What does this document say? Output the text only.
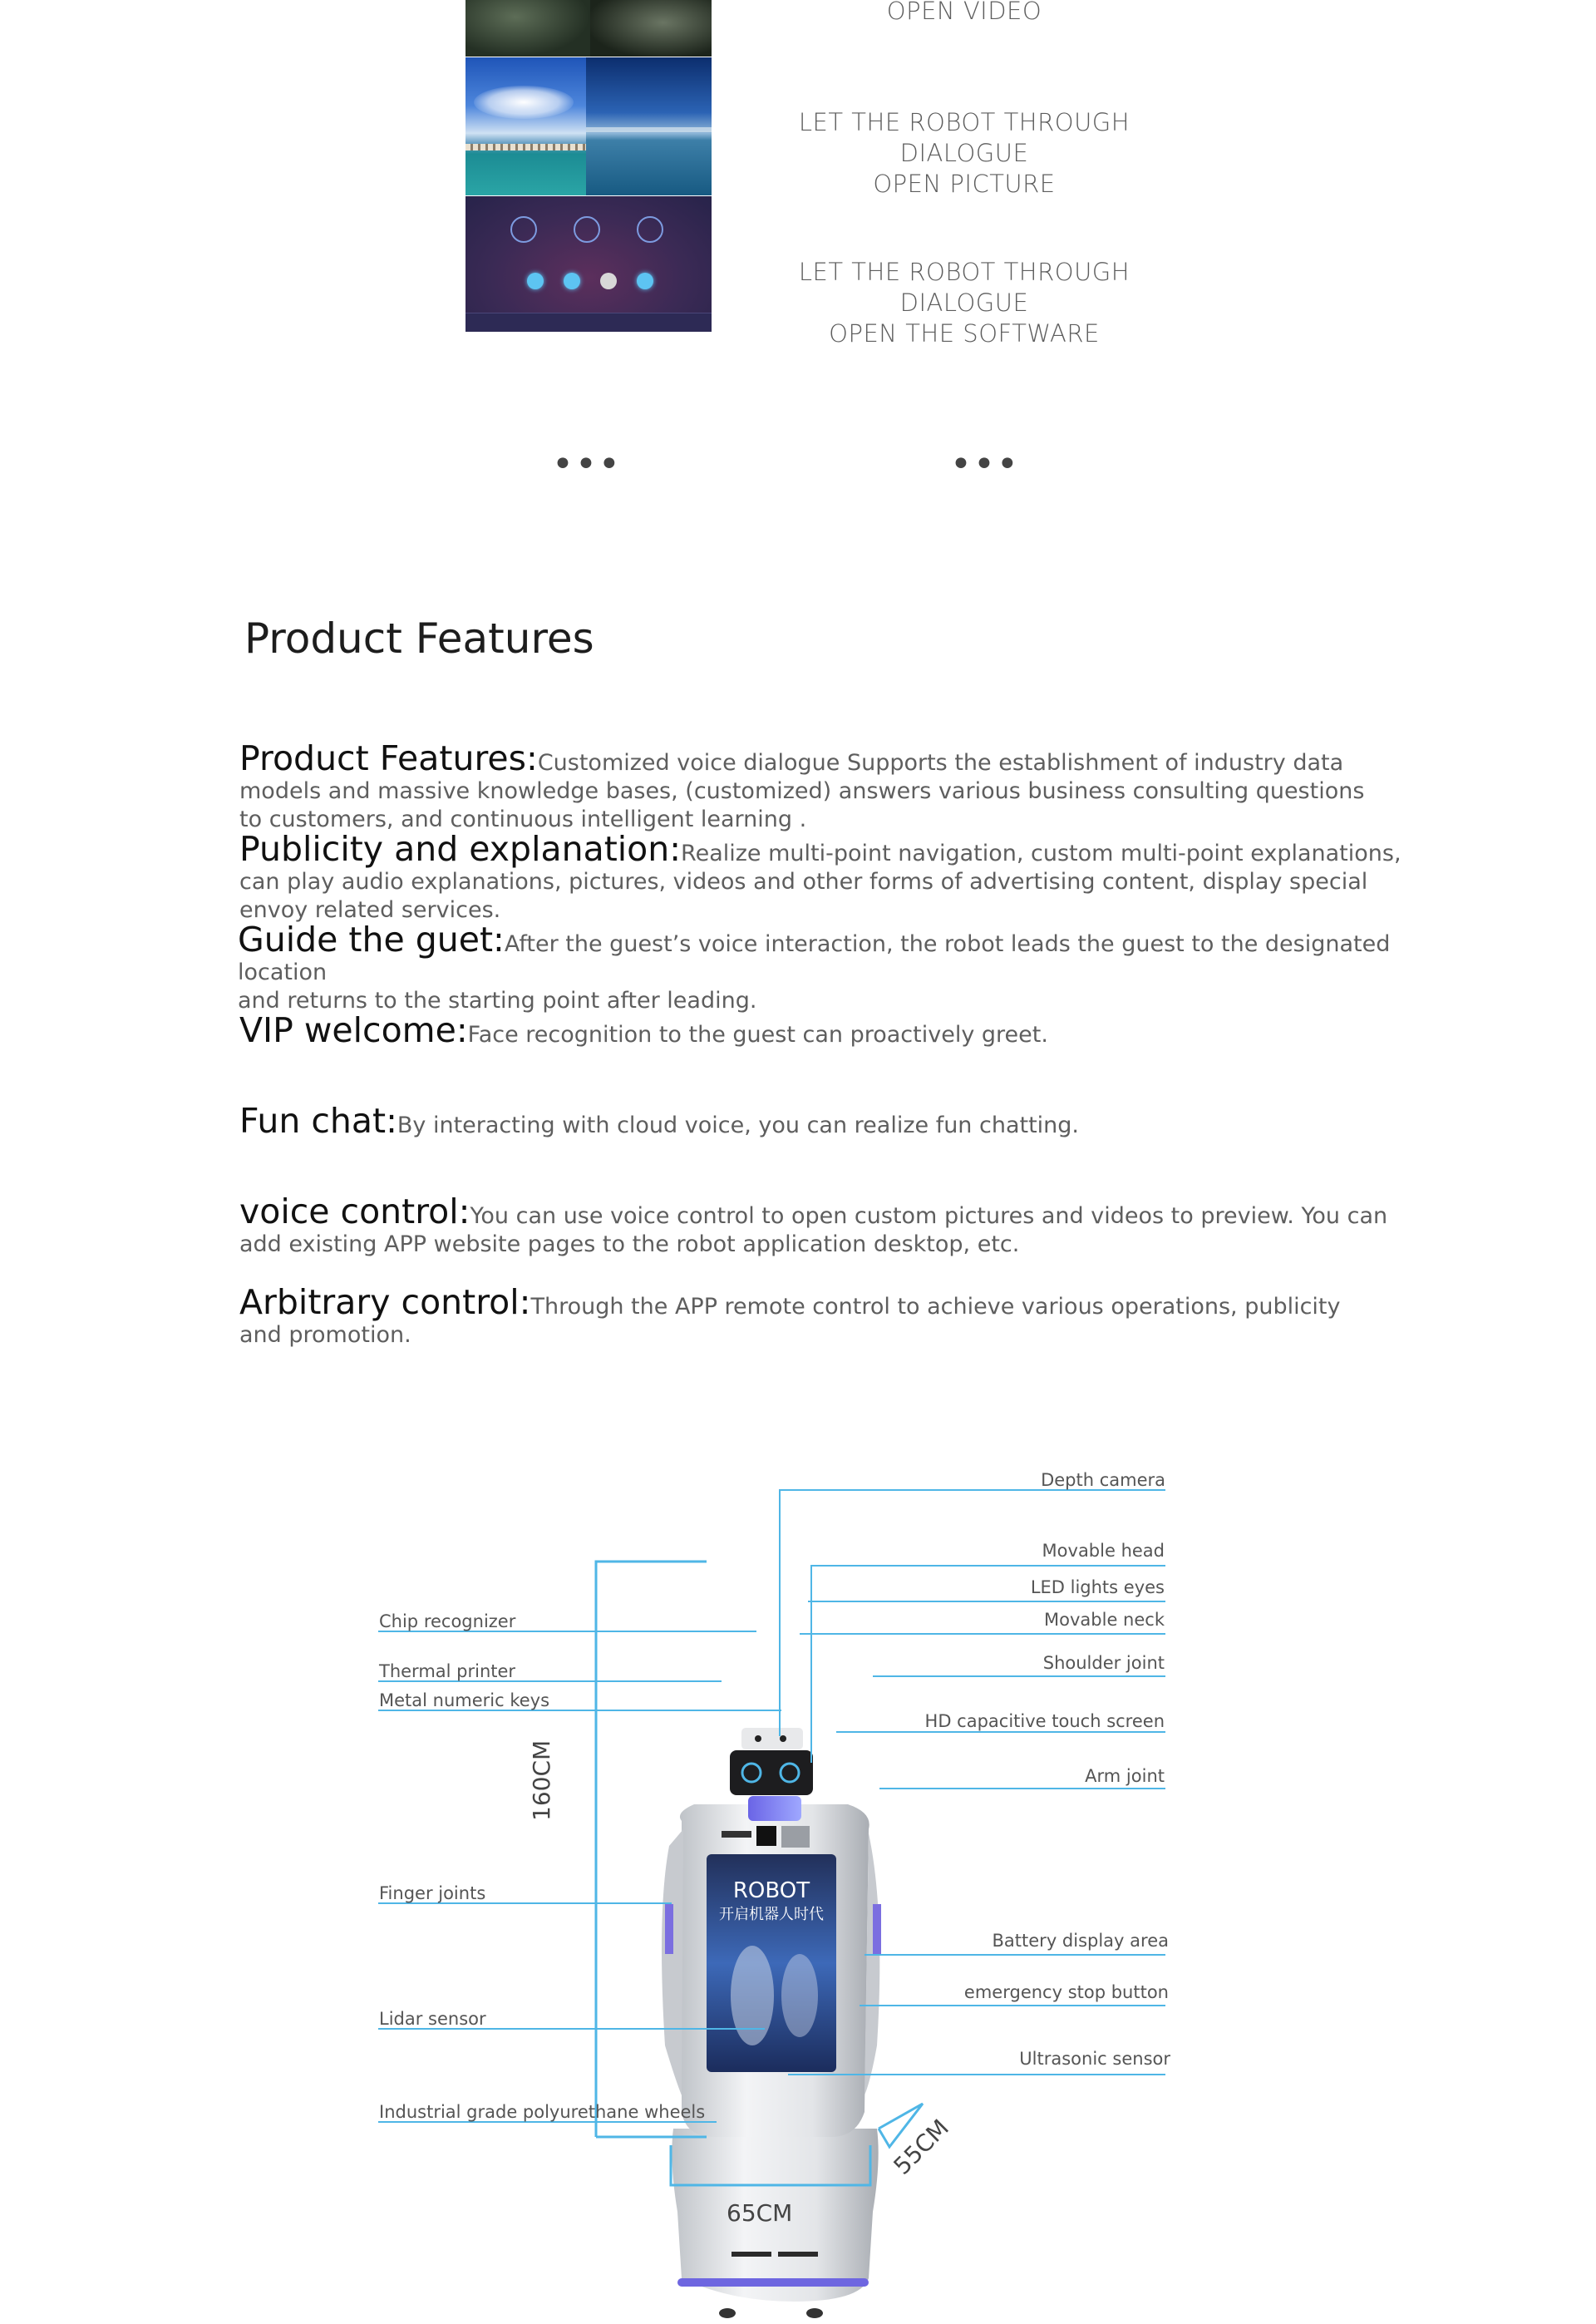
OPEN VIDEO
LET THE ROBOT THROUGH DIALOGUE
OPEN PICTURE
LET THE ROBOT THROUGH DIALOGUE
OPEN THE SOFTWARE
•••	•••
Product Features
Product Features:Customized voice dialogue Supports the establishment of industry data
models and massive knowledge bases, (customized) answers various business consulting questions
to customers, and continuous intelligent learning .
Publicity and explanation:Realize multi-point navigation, custom multi-point explanations,
can play audio explanations, pictures, videos and other forms of advertising content, display special
envoy related services.
Guide the guet:After the guest’s voice interaction, the robot leads the guest to the designated location
and returns to the starting point after leading.
VIP welcome:Face recognition to the guest can proactively greet.
Fun chat:By interacting with cloud voice, you can realize fun chatting.
voice control:You can use voice control to open custom pictures and videos to preview. You can
add existing APP website pages to the robot application desktop, etc.
Arbitrary control:Through the APP remote control to achieve various operations, publicity
and promotion.
ROBOT
开启机器人时代
Chip recognizer
Thermal printer
Metal numeric keys
Finger joints
Lidar sensor
Industrial grade polyurethane wheels
Depth camera
Movable head
LED lights eyes
Movable neck
Shoulder joint
HD capacitive touch screen
Arm joint
Battery display area
emergency stop button
Ultrasonic sensor
160CM
65CM
55CM
